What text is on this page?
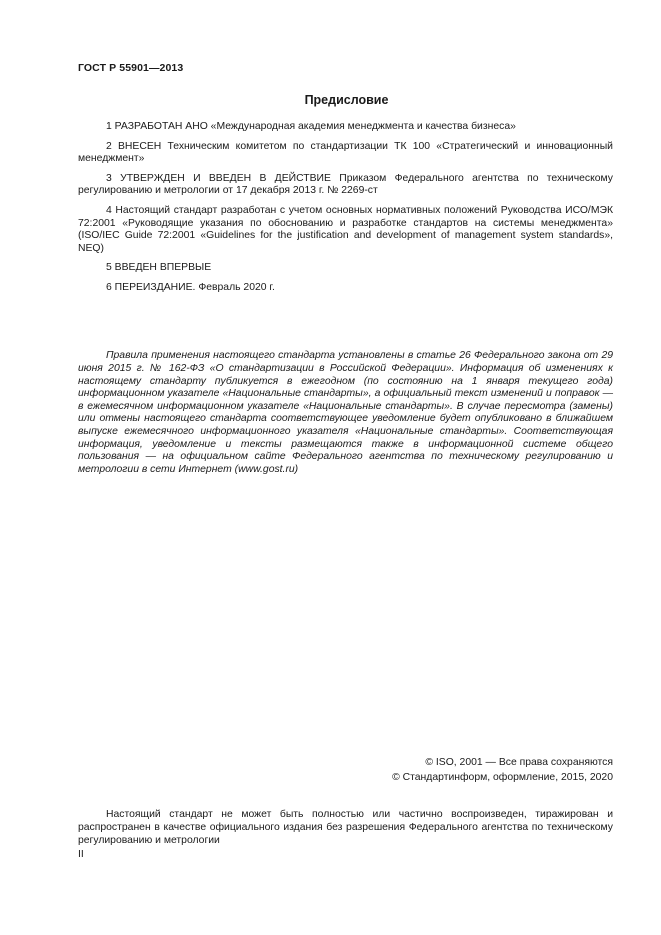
ГОСТ Р 55901—2013
Предисловие

1 РАЗРАБОТАН АНО «Международная академия менеджмента и качества бизнеса»

2 ВНЕСЕН Техническим комитетом по стандартизации ТК 100 «Стратегический и инновационный менеджмент»

3 УТВЕРЖДЕН И ВВЕДЕН В ДЕЙСТВИЕ Приказом Федерального агентства по техническому регулированию и метрологии от 17 декабря 2013 г. № 2269-ст

4 Настоящий стандарт разработан с учетом основных нормативных положений Руководства ИСО/МЭК 72:2001 «Руководящие указания по обоснованию и разработке стандартов на системы менеджмента» (ISO/IEC Guide 72:2001 «Guidelines for the justification and development of management system standards», NEQ)

5 ВВЕДЕН ВПЕРВЫЕ

6 ПЕРЕИЗДАНИЕ. Февраль 2020 г.

Правила применения настоящего стандарта установлены в статье 26 Федерального закона от 29 июня 2015 г. № 162-ФЗ «О стандартизации в Российской Федерации». Информация об изменениях к настоящему стандарту публикуется в ежегодном (по состоянию на 1 января текущего года) информационном указателе «Национальные стандарты», а официальный текст изменений и поправок — в ежемесячном информационном указателе «Национальные стандарты». В случае пересмотра (замены) или отмены настоящего стандарта соответствующее уведомление будет опубликовано в ближайшем выпуске ежемесячного информационного указателя «Национальные стандарты». Соответствующая информация, уведомление и тексты размещаются также в информационной системе общего пользования — на официальном сайте Федерального агентства по техническому регулированию и метрологии в сети Интернет (www.gost.ru)

© ISO, 2001 — Все права сохраняются
© Стандартинформ, оформление, 2015, 2020

Настоящий стандарт не может быть полностью или частично воспроизведен, тиражирован и распространен в качестве официального издания без разрешения Федерального агентства по техническому регулированию и метрологии

II
